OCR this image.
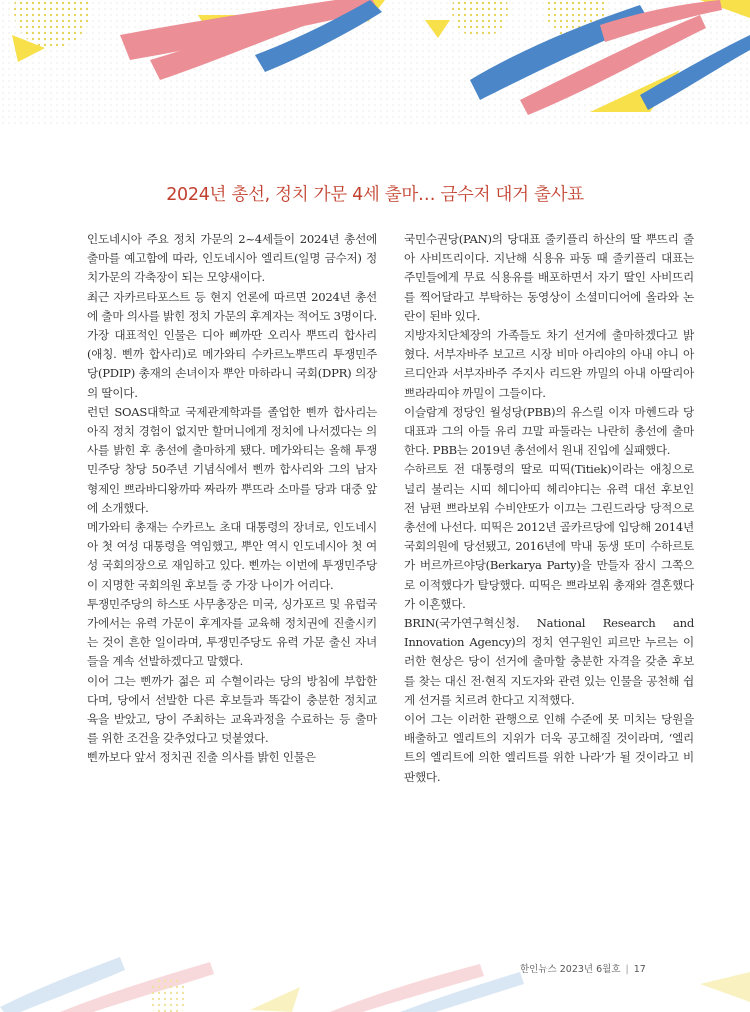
2024년 총선, 정치 가문 4세 출마… 금수저 대거 출사표

인도네시아 주요 정치 가문의 2~4세들이 2024년 총선에 출마를 예고함에 따라, 인도네시아 엘리트(일명 금수저) 정치가문의 각축장이 되는 모양새이다.

최근 자카르타포스트 등 현지 언론에 따르면 2024년 총선에 출마 의사를 밝힌 정치 가문의 후계자는 적어도 3명이다. 가장 대표적인 인물은 디아 삐까딴 오리사 뿌뜨리 합사리(애칭. 삔까 합사리)로 메가와티 수카르노뿌뜨리 투쟁민주당(PDIP) 총재의 손녀이자 뿌안 마하라니 국회(DPR) 의장의 딸이다.

런던 SOAS대학교 국제관계학과를 졸업한 삔까 합사리는 아직 정치 경험이 없지만 할머니에게 정치에 나서겠다는 의사를 밝힌 후 총선에 출마하게 됐다. 메가와티는 올해 투쟁민주당 창당 50주년 기념식에서 삔까 합사리와 그의 남자 형제인 쁘라바디왕까따 짜라까 뿌뜨라 소마를 당과 대중 앞에 소개했다.

메가와티 총재는 수카르노 초대 대통령의 장녀로, 인도네시아 첫 여성 대통령을 역임했고, 뿌안 역시 인도네시아 첫 여성 국회의장으로 재임하고 있다. 삔까는 이번에 투쟁민주당이 지명한 국회의원 후보들 중 가장 나이가 어리다.

투쟁민주당의 하스또 사무총장은 미국, 싱가포르 및 유럽국가에서는 유력 가문이 후계자를 교육해 정치권에 진출시키는 것이 흔한 일이라며, 투쟁민주당도 유력 가문 출신 자녀들을 계속 선발하겠다고 말했다.

이어 그는 삔까가 젊은 피 수혈이라는 당의 방침에 부합한다며, 당에서 선발한 다른 후보들과 똑같이 충분한 정치교육을 받았고, 당이 주최하는 교육과정을 수료하는 등 출마를 위한 조건을 갖추었다고 덧붙였다.

삔까보다 앞서 정치권 진출 의사를 밝힌 인물은

국민수권당(PAN)의 당대표 줄키플리 하산의 딸 뿌뜨리 줄아 사비뜨리이다. 지난해 식용유 파동 때 줄키플리 대표는 주민들에게 무료 식용유를 배포하면서 자기 딸인 사비뜨리를 찍어달라고 부탁하는 동영상이 소셜미디어에 올라와 논란이 된바 있다.

지방자치단체장의 가족들도 차기 선거에 출마하겠다고 밝혔다. 서부자바주 보고르 시장 비마 아리야의 아내 야니 아르디안과 서부자바주 주지사 리드완 까밀의 아내 아딸리아 쁘라라띠야 까밀이 그들이다.

이슬람계 정당인 월성당(PBB)의 유스릴 이자 마헨드라 당대표과 그의 아들 유리 끄말 파둘라는 나란히 총선에 출마한다. PBB는 2019년 총선에서 원내 진입에 실패했다.

수하르토 전 대통령의 딸로 띠띡(Titiek)이라는 애칭으로 널리 불리는 시띠 헤디아띠 헤리야디는 유력 대선 후보인 전 남편 쁘라보워 수비얀또가 이끄는 그린드라당 당적으로 총선에 나선다. 띠띡은 2012년 골카르당에 입당해 2014년 국회의원에 당선됐고, 2016년에 막내 동생 또미 수하르토가 버르까르야당(Berkarya Party)을 만들자 잠시 그쪽으로 이적했다가 탈당했다. 띠띡은 쁘라보워 총재와 결혼했다가 이혼했다.

BRIN(국가연구혁신청. National Research and Innovation Agency)의 정치 연구원인 피르만 누르는 이러한 현상은 당이 선거에 출마할 충분한 자격을 갖춘 후보를 찾는 대신 전·현직 지도자와 관련 있는 인물을 공천해 쉽게 선거를 치르려 한다고 지적했다.

이어 그는 이러한 관행으로 인해 수준에 못 미치는 당원을 배출하고 엘리트의 지위가 더욱 공고해질 것이라며, ‘엘리트의 엘리트에 의한 엘리트를 위한 나라’가 될 것이라고 비판했다.

한인뉴스 2023년 6월호 | 17
